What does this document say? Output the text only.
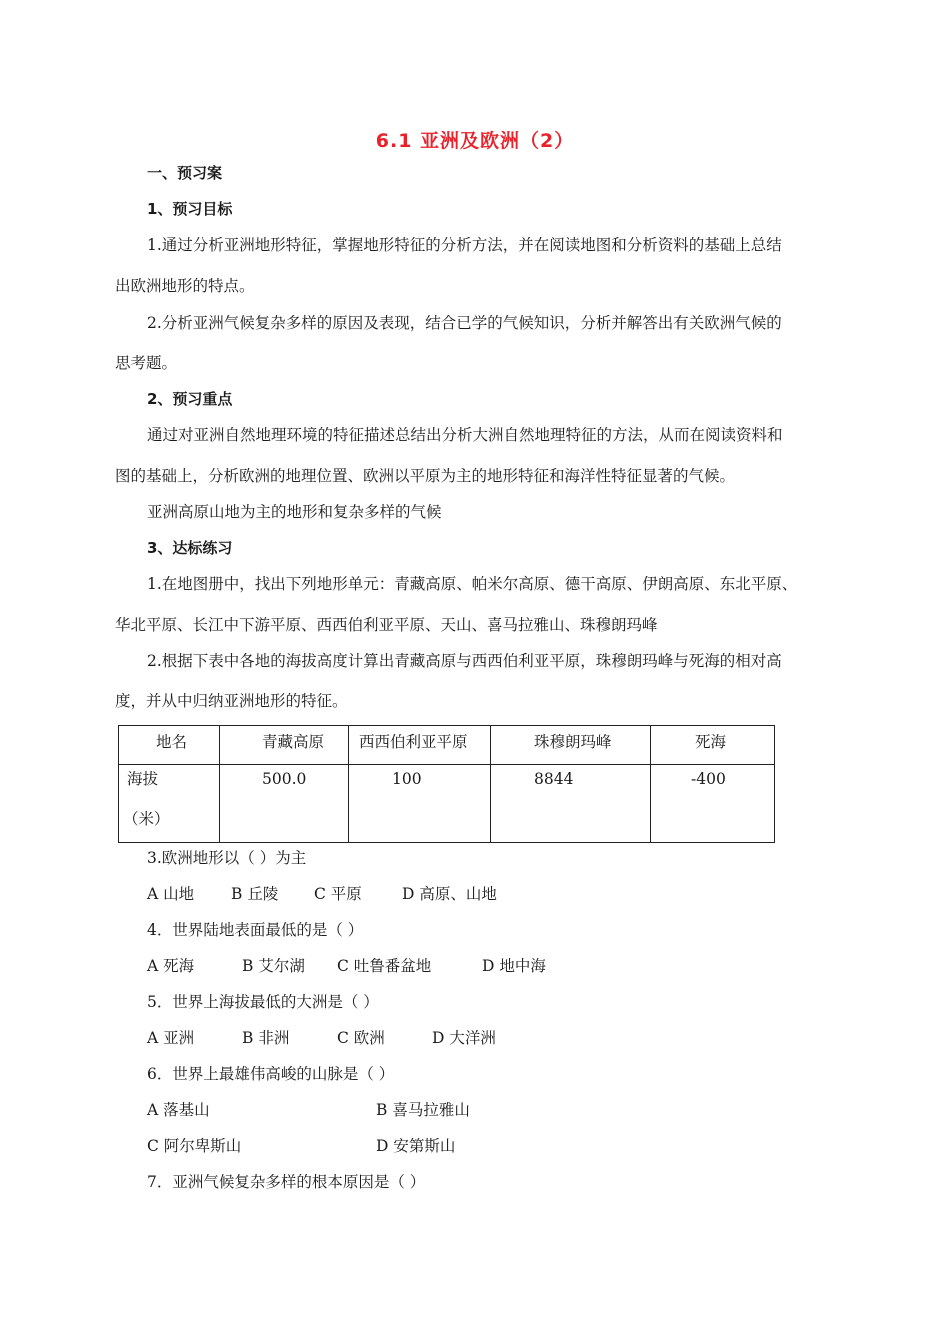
6.1 亚洲及欧洲（2）
一、预习案
1、预习目标
1.通过分析亚洲地形特征，掌握地形特征的分析方法，并在阅读地图和分析资料的基础上总结
出欧洲地形的特点。
2.分析亚洲气候复杂多样的原因及表现，结合已学的气候知识，分析并解答出有关欧洲气候的
思考题。
2、预习重点
通过对亚洲自然地理环境的特征描述总结出分析大洲自然地理特征的方法，从而在阅读资料和
图的基础上，分析欧洲的地理位置、欧洲以平原为主的地形特征和海洋性特征显著的气候。
亚洲高原山地为主的地形和复杂多样的气候
3、达标练习
1.在地图册中，找出下列地形单元：青藏高原、帕米尔高原、德干高原、伊朗高原、东北平原、
华北平原、长江中下游平原、西西伯利亚平原、天山、喜马拉雅山、珠穆朗玛峰
2.根据下表中各地的海拔高度计算出青藏高原与西西伯利亚平原，珠穆朗玛峰与死海的相对高
度，并从中归纳亚洲地形的特征。
地名	青藏高原	西西伯利亚平原	珠穆朗玛峰	死海

海拔
（米）	500.0	100	8844	-400
3.欧洲地形以（ ）为主
A 山地 B 丘陵 C 平原	D 高原、山地
4．世界陆地表面最低的是（ ）
A 死海	B 艾尔湖 C 吐鲁番盆地	D 地中海
5．世界上海拔最低的大洲是（ ）
A 亚洲	B 非洲	C 欧洲	D 大洋洲
6．世界上最雄伟高峻的山脉是（ ）
A 落基山	B 喜马拉雅山
C 阿尔卑斯山	D 安第斯山
7．亚洲气候复杂多样的根本原因是（ ）
